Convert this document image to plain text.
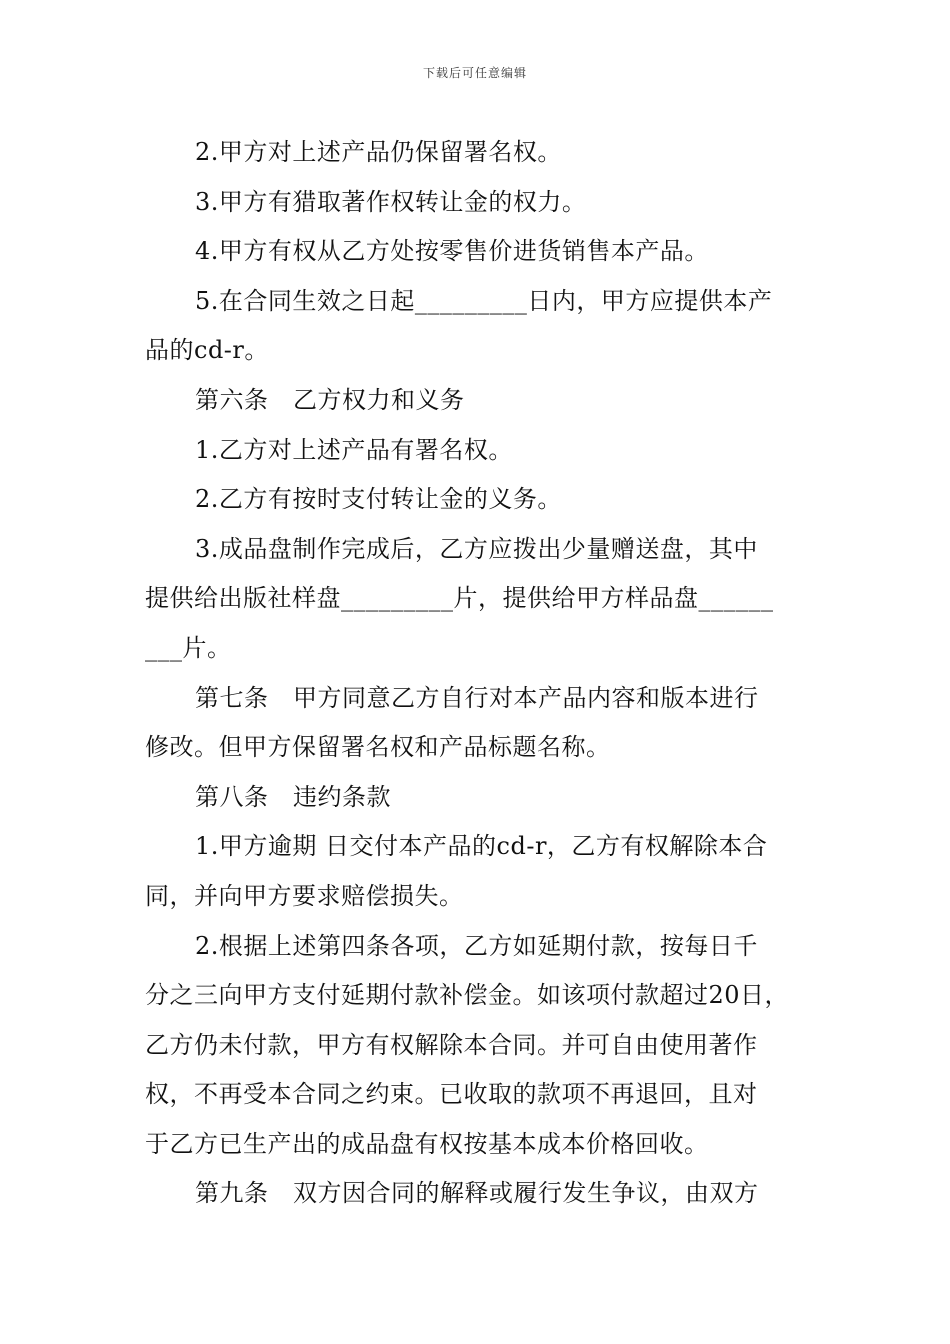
下载后可任意编辑
2.甲方对上述产品仍保留署名权。
3.甲方有猎取著作权转让金的权力。
4.甲方有权从乙方处按零售价进货销售本产品。
5.在合同生效之日起_________日内，甲方应提供本产
品的cd-r。
第六条　乙方权力和义务
1.乙方对上述产品有署名权。
2.乙方有按时支付转让金的义务。
3.成品盘制作完成后，乙方应拨出少量赠送盘，其中
提供给出版社样盘_________片，提供给甲方样品盘______
___片。
第七条　甲方同意乙方自行对本产品内容和版本进行
修改。但甲方保留署名权和产品标题名称。
第八条　违约条款
1.甲方逾期 日交付本产品的cd-r，乙方有权解除本合
同，并向甲方要求赔偿损失。
2.根据上述第四条各项，乙方如延期付款，按每日千
分之三向甲方支付延期付款补偿金。如该项付款超过20日，
乙方仍未付款，甲方有权解除本合同。并可自由使用著作
权，不再受本合同之约束。已收取的款项不再退回，且对
于乙方已生产出的成品盘有权按基本成本价格回收。
第九条　双方因合同的解释或履行发生争议，由双方
